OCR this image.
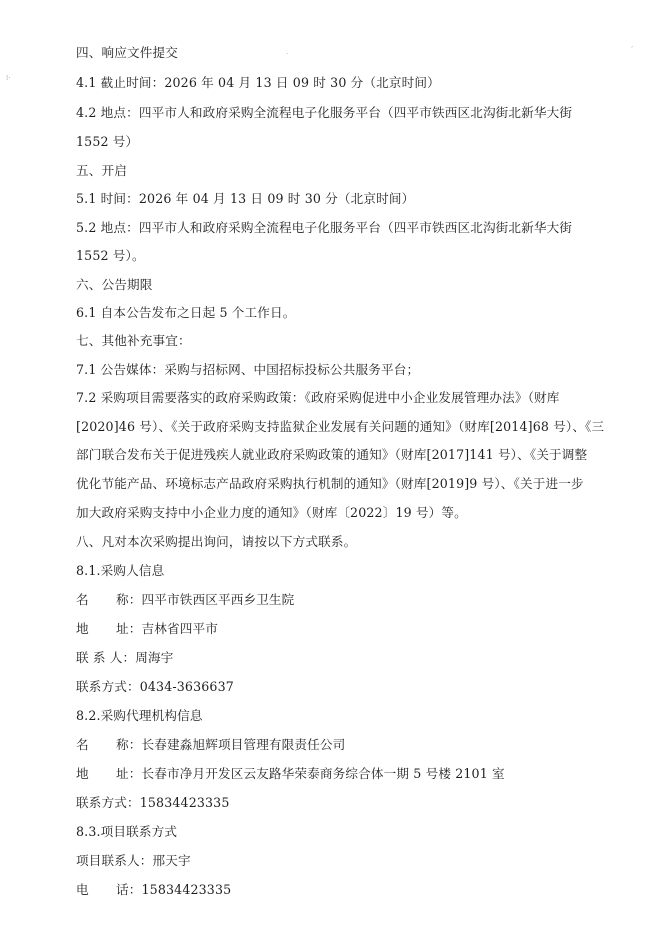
⁞·
·	ˊ
四、响应文件提交
4.1 截止时间：2026 年 04 月 13 日 09 时 30 分（北京时间）
4.2 地点：四平市人和政府采购全流程电子化服务平台（四平市铁西区北沟街北新华大街
1552 号）
五、开启
5.1 时间：2026 年 04 月 13 日 09 时 30 分（北京时间）
5.2 地点：四平市人和政府采购全流程电子化服务平台（四平市铁西区北沟街北新华大街
1552 号）。
六、公告期限
6.1 自本公告发布之日起 5 个工作日。
七、其他补充事宜：
7.1 公告媒体：采购与招标网、中国招标投标公共服务平台；
7.2 采购项目需要落实的政府采购政策：《政府采购促进中小企业发展管理办法》（财库
[2020]46 号）、《关于政府采购支持监狱企业发展有关问题的通知》（财库[2014]68 号）、《三
部门联合发布关于促进残疾人就业政府采购政策的通知》（财库[2017]141 号）、《关于调整
优化节能产品、环境标志产品政府采购执行机制的通知》（财库[2019]9 号）、《关于进一步
加大政府采购支持中小企业力度的通知》（财库〔2022〕19 号）等。
八、凡对本次采购提出询问，请按以下方式联系。
8.1.采购人信息
名 称：四平市铁西区平西乡卫生院
地 址：吉林省四平市
联 系 人：周海宇
联系方式：0434-3636637
8.2.采购代理机构信息
名 称：长春建淼旭辉项目管理有限责任公司
地 址：长春市净月开发区云友路华荣泰商务综合体一期 5 号楼 2101 室
联系方式：15834423335
8.3.项目联系方式
项目联系人：邢天宇
电 话：15834423335
